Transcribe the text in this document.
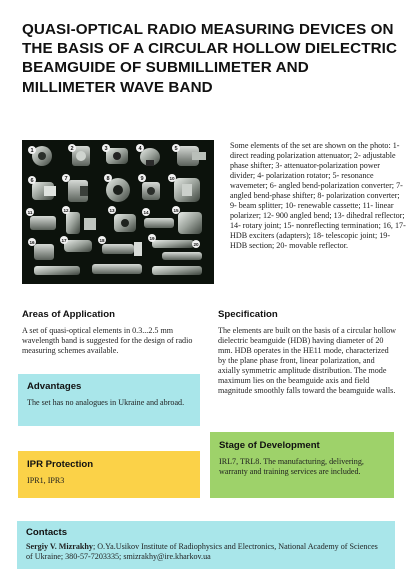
QUASI-OPTICAL RADIO MEASURING DEVICES ON THE BASIS OF A CIRCULAR HOLLOW DIELECTRIC BEAMGUIDE OF SUBMILLIMETER AND MILLIMETER WAVE BAND
1	2	3	4	5
6	7	8	9	10
11	12	13	14	15
16	17	18	19
20

Some elements of the set are shown on the photo: 1- direct reading polarization attenuator; 2- adjustable phase shifter; 3- attenuator-polarization power divider; 4- polarization rotator; 5- resonance wavemeter; 6- angled bend-polarization converter; 7- angled bend-phase shifter; 8- polarization converter; 9- beam splitter; 10- renewable cassette; 11- linear polarizer; 12- 900 angled bend; 13- dihedral reflector; 14- rotary joint; 15- nonreflecting termination; 16, 17- HDB exciters (adapters); 18- telescopic joint; 19- HDB section; 20- movable reflector.

Areas of Application

A set of quasi-optical elements in 0.3...2.5 mm wavelength band is suggested for the design of radio measuring schemes available.

Specification

The elements are built on the basis of a circular hollow dielectric beamguide (HDB) having diameter of 20 mm. HDB operates in the HE11 mode, characterized by the plane phase front, linear polarization, and axially symmetric amplitude distribution. The mode maximum lies on the beamguide axis and field magnitude smoothly falls toward the beamguide walls.

Advantages

The set has no analogues in Ukraine and abroad.

Stage of Development

IRL7, TRL8. The manufacturing, delivering, warranty and training services are included.

IPR Protection

IPR1, IPR3

Contacts

Sergiy V. Mizrakhy; O.Ya.Usikov Institute of Radiophysics and Electronics, National Academy of Sciences of Ukraine; 380-57-7203335; smizrakhy@ire.kharkov.ua
